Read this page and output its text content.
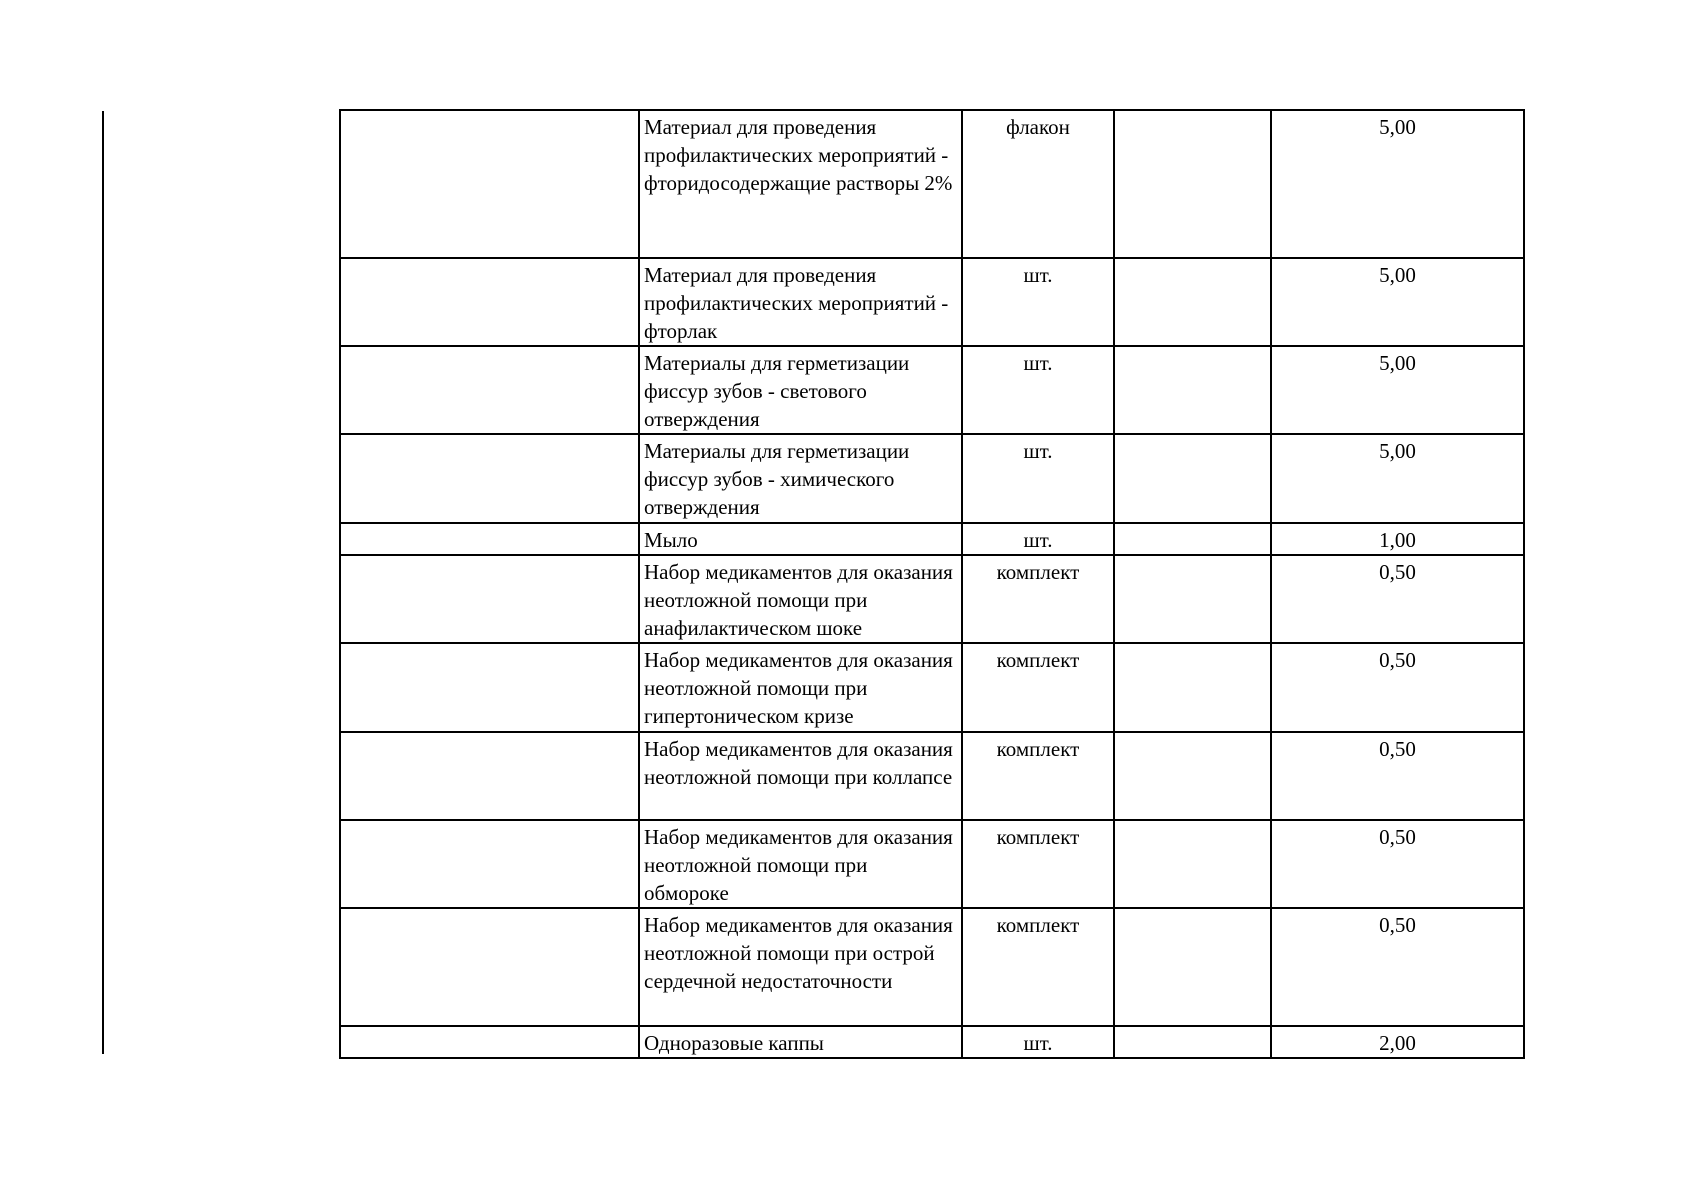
	Материал для проведения профилактических мероприятий - фторидосодержащие растворы 2%	флакон		5,00
	Материал для проведения профилактических мероприятий - фторлак	шт.		5,00
	Материалы для герметизации фиссур зубов - светового отверждения	шт.		5,00
	Материалы для герметизации фиссур зубов - химического отверждения	шт.		5,00
	Мыло	шт.		1,00
	Набор медикаментов для оказания неотложной помощи при анафилактическом шоке	комплект		0,50
	Набор медикаментов для оказания неотложной помощи при гипертоническом кризе	комплект		0,50
	Набор медикаментов для оказания неотложной помощи при коллапсе	комплект		0,50
	Набор медикаментов для оказания неотложной помощи при обмороке	комплект		0,50
	Набор медикаментов для оказания неотложной помощи при острой сердечной недостаточности	комплект		0,50
	Одноразовые каппы	шт.		2,00
